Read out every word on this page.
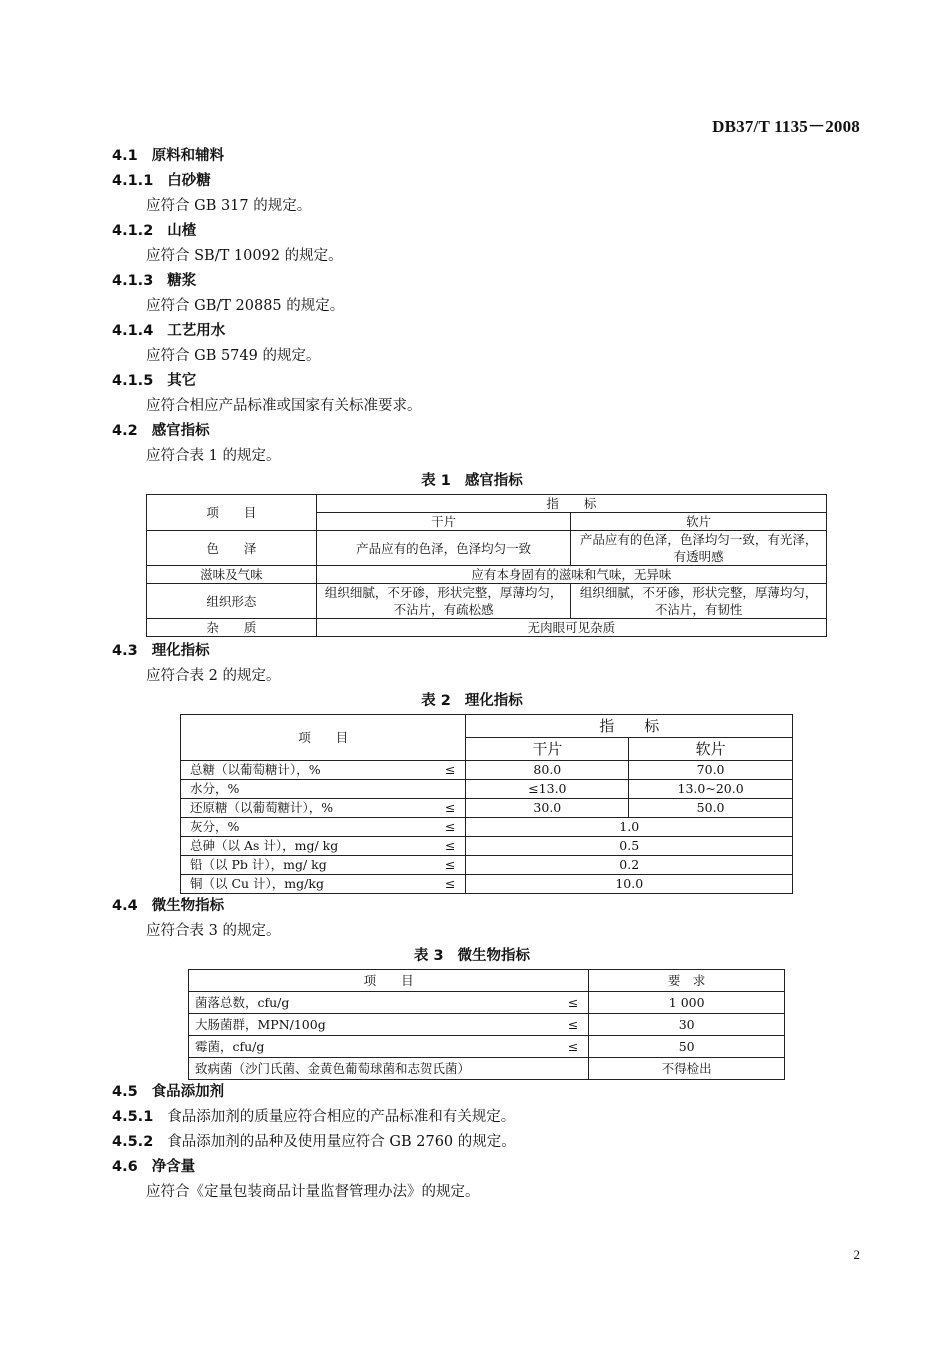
DB37/T 1135－2008
4.1 原料和辅料
4.1.1 白砂糖
应符合 GB 317 的规定。
4.1.2 山楂
应符合 SB/T 10092 的规定。
4.1.3 糖浆
应符合 GB/T 20885 的规定。
4.1.4 工艺用水
应符合 GB 5749 的规定。
4.1.5 其它
应符合相应产品标准或国家有关标准要求。
4.2 感官指标
应符合表 1 的规定。
表 1 感官指标
项　　目	指　　标	
	干片	软片
色　　泽	产品应有的色泽，色泽均匀一致	产品应有的色泽，色泽均匀一致，有光泽，有透明感
滋味及气味	应有本身固有的滋味和气味，无异味	
组织形态	组织细腻，不牙碜，形状完整，厚薄均匀，不沾片，有疏松感	组织细腻，不牙碜，形状完整，厚薄均匀，不沾片，有韧性
杂　　质	无肉眼可见杂质	
4.3 理化指标
应符合表 2 的规定。
表 2 理化指标
项　　目		指　　标	
		干片	软片
总糖（以葡萄糖计），%	≤	80.0	70.0
水分，%		≤13.0	13.0~20.0
还原糖（以葡萄糖计），%	≤	30.0	50.0
灰分，%	≤	1.0	
总砷（以 As 计），mg/ kg	≤	0.5	
铅（以 Pb 计），mg/ kg	≤	0.2	
铜（以 Cu 计），mg/kg	≤	10.0	
4.4 微生物指标
应符合表 3 的规定。
表 3 微生物指标
项　　目		要　求
菌落总数，cfu/g	≤	1 000
大肠菌群，MPN/100g	≤	30
霉菌，cfu/g	≤	50
致病菌（沙门氏菌、金黄色葡萄球菌和志贺氏菌）		不得检出
4.5 食品添加剂
4.5.1 食品添加剂的质量应符合相应的产品标准和有关规定。
4.5.2 食品添加剂的品种及使用量应符合 GB 2760 的规定。
4.6 净含量
应符合《定量包装商品计量监督管理办法》的规定。
2
